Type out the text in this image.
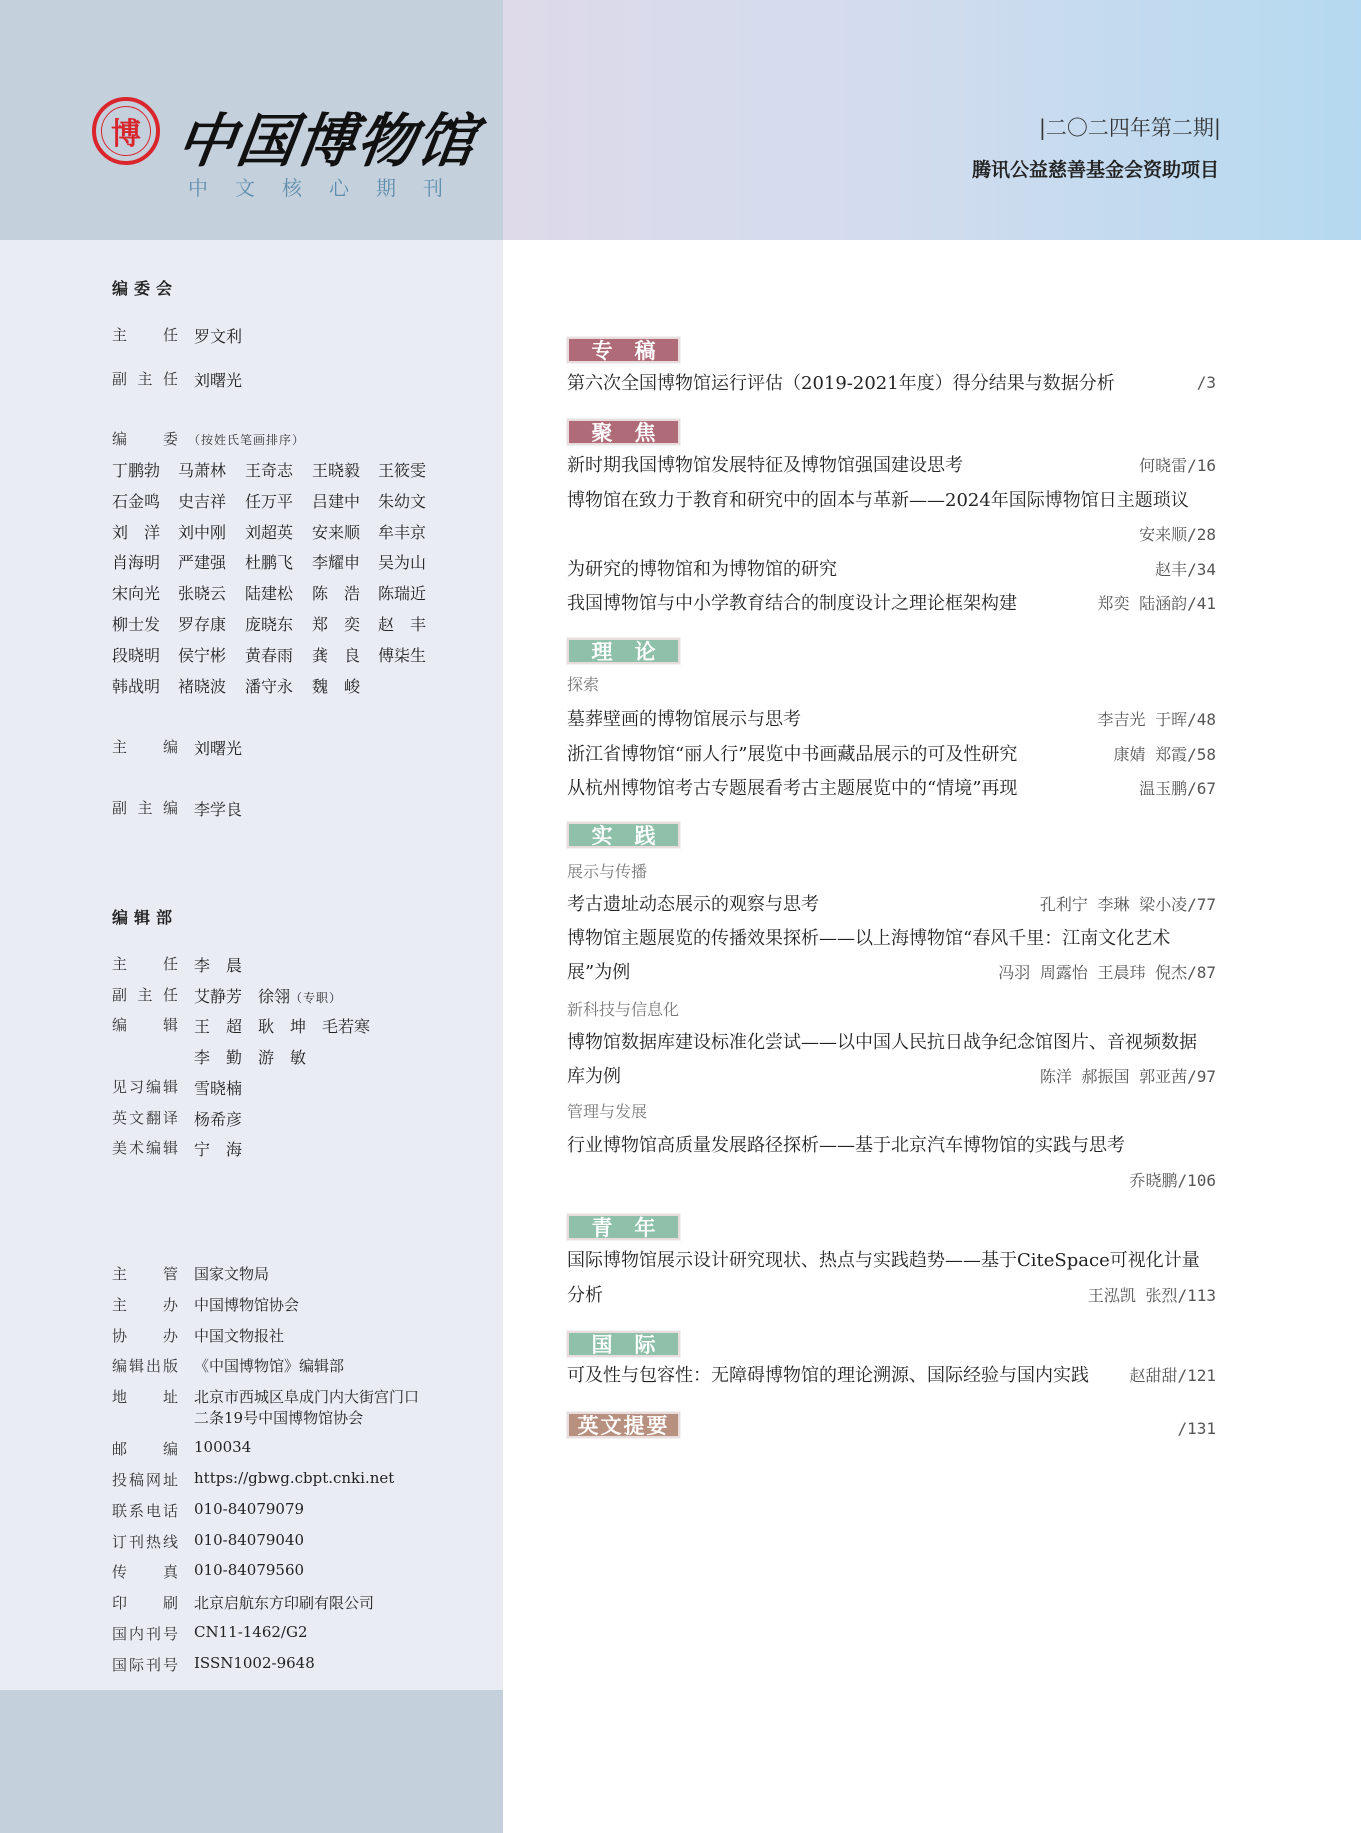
博 中国博物馆
中文核心期刊
|二〇二四年第二期|
腾讯公益慈善基金会资助项目
编委会
主任 罗文利
副主任 刘曙光
编委 （按姓氏笔画排序）
丁鹏勃 马萧林 王奇志 王晓毅 王筱雯
石金鸣 史吉祥 任万平 吕建中 朱幼文
刘　洋 刘中刚 刘超英 安来顺 牟丰京
肖海明 严建强 杜鹏飞 李耀申 吴为山
宋向光 张晓云 陆建松 陈　浩 陈瑞近
柳士发 罗存康 庞晓东 郑　奕 赵　丰
段晓明 侯宁彬 黄春雨 龚　良 傅柒生
韩战明 褚晓波 潘守永 魏　峻
主编 刘曙光
副主编 李学良
编辑部
主任 李　晨
副主任 艾静芳　徐翎（专职）
编辑 王　超　耿　坤　毛若寒
李　勤　游　敏
见习编辑 雪晓楠
英文翻译 杨希彦
美术编辑 宁　海
主管 国家文物局
主办 中国博物馆协会
协办 中国文物报社
编辑出版 《中国博物馆》编辑部
地址 北京市西城区阜成门内大街宫门口
二条19号中国博物馆协会
邮编 100034
投稿网址 https://gbwg.cbpt.cnki.net
联系电话 010-84079079
订刊热线 010-84079040
传真 010-84079560
印刷 北京启航东方印刷有限公司
国内刊号 CN11-1462/G2
国际刊号 ISSN1002-9648
专稿
第六次全国博物馆运行评估（2019-2021年度）得分结果与数据分析	/3
聚焦
新时期我国博物馆发展特征及博物馆强国建设思考	何晓雷/16
博物馆在致力于教育和研究中的固本与革新——2024年国际博物馆日主题琐议
安来顺/28
为研究的博物馆和为博物馆的研究	赵丰/34
我国博物馆与中小学教育结合的制度设计之理论框架构建	郑奕 陆涵韵/41
理论
探索
墓葬壁画的博物馆展示与思考	李吉光 于晖/48
浙江省博物馆“丽人行”展览中书画藏品展示的可及性研究	康婧 郑霞/58
从杭州博物馆考古专题展看考古主题展览中的“情境”再现	温玉鹏/67
实践
展示与传播
考古遗址动态展示的观察与思考	孔利宁 李琳 梁小凌/77
博物馆主题展览的传播效果探析——以上海博物馆“春风千里：江南文化艺术
展”为例	冯羽 周露怡 王晨玮 倪杰/87
新科技与信息化
博物馆数据库建设标准化尝试——以中国人民抗日战争纪念馆图片、音视频数据
库为例	陈洋 郝振国 郭亚茜/97
管理与发展
行业博物馆高质量发展路径探析——基于北京汽车博物馆的实践与思考
乔晓鹏/106
青年
国际博物馆展示设计研究现状、热点与实践趋势——基于CiteSpace可视化计量
分析	王泓凯 张烈/113
国际
可及性与包容性：无障碍博物馆的理论溯源、国际经验与国内实践	赵甜甜/121
英文提要	/131
